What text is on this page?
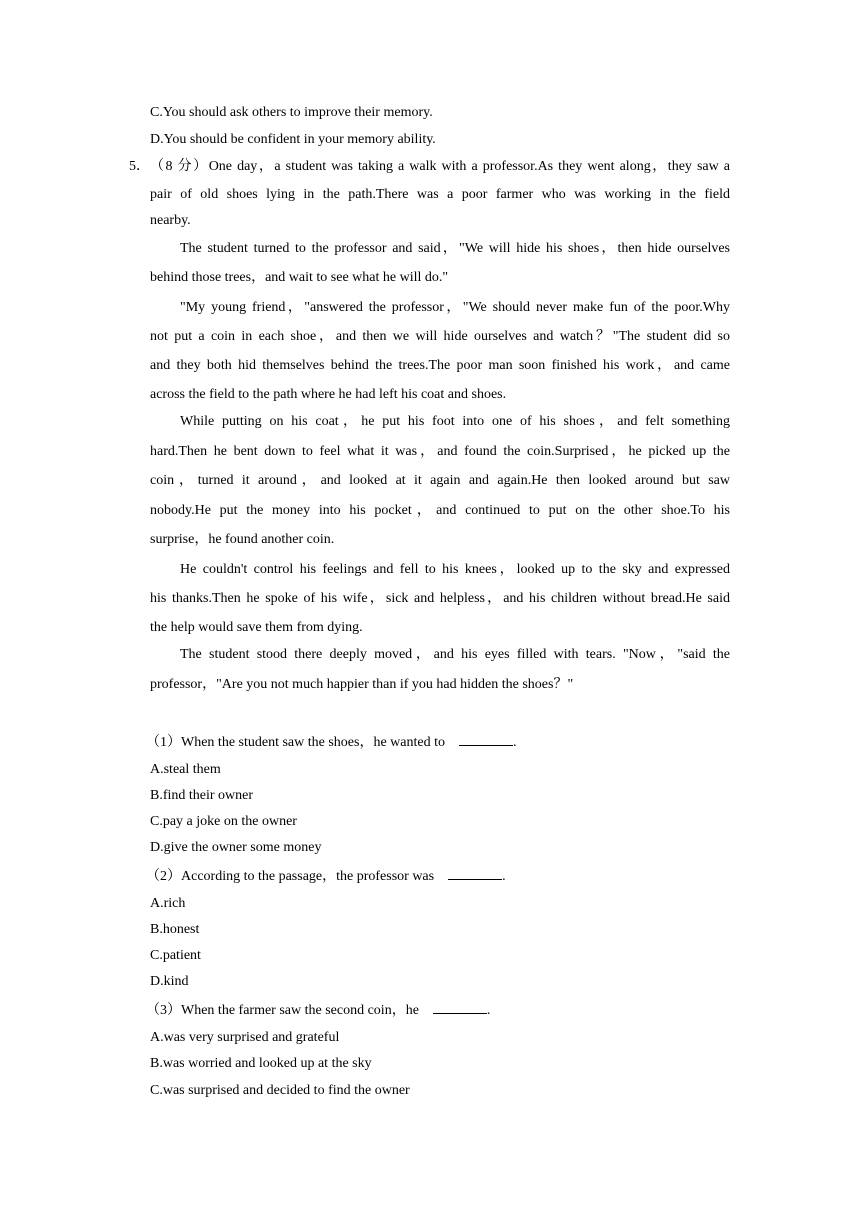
C.You should ask others to improve their memory.
D.You should be confident in your memory ability.
5． （8 分）One day，a student was taking a walk with a professor.As they went along，they saw a
pair of old shoes lying in the path.There was a poor farmer who was working in the field
nearby.
The student turned to the professor and said，"We will hide his shoes，then hide ourselves
behind those trees，and wait to see what he will do."
"My young friend，"answered the professor，"We should never make fun of the poor.Why
not put a coin in each shoe，and then we will hide ourselves and watch？"The student did so
and they both hid themselves behind the trees.The poor man soon finished his work，and came
across the field to the path where he had left his coat and shoes.
While putting on his coat，he put his foot into one of his shoes，and felt something
hard.Then he bent down to feel what it was，and found the coin.Surprised，he picked up the
coin，turned it around，and looked at it again and again.He then looked around but saw
nobody.He put the money into his pocket，and continued to put on the other shoe.To his
surprise，he found another coin.
He couldn't control his feelings and fell to his knees，looked up to the sky and expressed
his thanks.Then he spoke of his wife，sick and helpless，and his children without bread.He said
the help would save them from dying.
The student stood there deeply moved，and his eyes filled with tears. "Now，"said the
professor，"Are you not much happier than if you had hidden the shoes？"
（1）When the student saw the shoes，he wanted to	.
A.steal them
B.find their owner
C.pay a joke on the owner
D.give the owner some money
（2）According to the passage，the professor was	.
A.rich
B.honest
C.patient
D.kind
（3）When the farmer saw the second coin，he	.
A.was very surprised and grateful
B.was worried and looked up at the sky
C.was surprised and decided to find the owner
